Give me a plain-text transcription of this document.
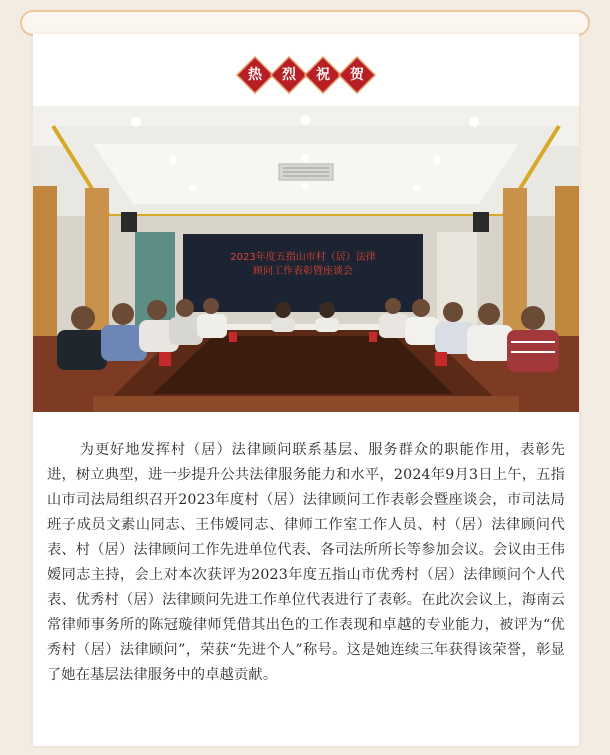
热	烈	祝	贺
2023年度五指山市村（居）法律
顾问工作表彰暨座谈会
为更好地发挥村（居）法律顾问联系基层、服务群众的职能作用，表彰先进，树立典型，进一步提升公共法律服务能力和水平，2024年9月3日上午，五指山市司法局组织召开2023年度村（居）法律顾问工作表彰会暨座谈会，市司法局班子成员文素山同志、王伟嫒同志、律师工作室工作人员、村（居）法律顾问代表、村（居）法律顾问工作先进单位代表、各司法所所长等参加会议。会议由王伟嫒同志主持，会上对本次获评为2023年度五指山市优秀村（居）法律顾问个人代表、优秀村（居）法律顾问先进工作单位代表进行了表彰。在此次会议上，海南云常律师事务所的陈冠璇律师凭借其出色的工作表现和卓越的专业能力，被评为“优秀村（居）法律顾问”，荣获“先进个人”称号。这是她连续三年获得该荣誉，彰显了她在基层法律服务中的卓越贡献。
